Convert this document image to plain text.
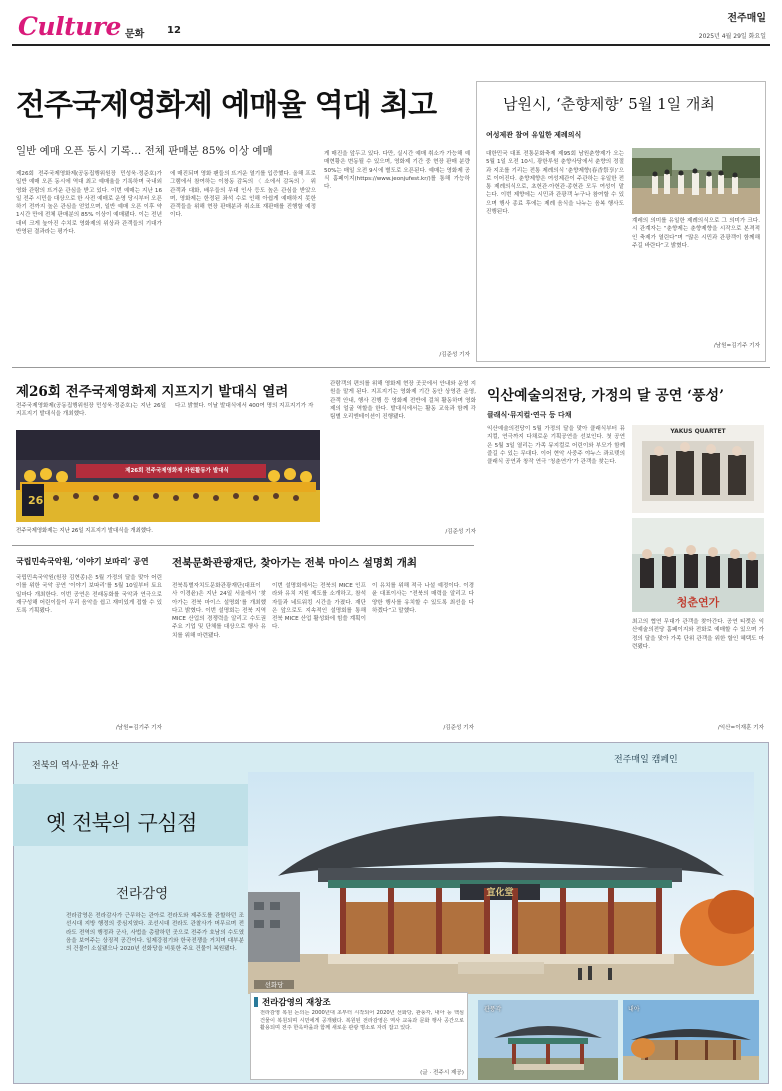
Culture 문화 12
전주매일
2025년 4월 29일 화요일
전주국제영화제 예매율 역대 최고
일반 예매 오픈 동시 기록… 전체 판매분 85% 이상 예매
제26회 전주국제영화제(공동집행위원장 민성욱·정준호)가 일반 예매 오픈 동시에 역대 최고 예매율을 기록하며 국내외 영화 관람의 뜨거운 관심을 받고 있다. 이번 예매는 지난 16일 전주 시민을 대상으로 한 사전 예매로 운영 당시부터 오픈하기 전까지 높은 관심을 얻었으며, 일반 예매 오픈 이후 약 1시간 만에 전체 판매분의 85% 이상이 예매됐다. 이는 전년 대비 크게 높아진 수치로 영화제의 위상과 관객들의 기대가 반영된 결과라는 평가다.
에 매진되며 영화 팬들의 뜨거운 열기를 입증했다. 올해 프로그램에서 참여하는 이창동 감독의 〈 소에서 감독의 〉 위 관객과 대화, 배우들의 무대 인사 등도 높은 관심을 받았으며, 영화제는 한정된 좌석 수로 인해 아쉽게 예매하지 못한 관객들을 위해 현장 판매분과 취소표 재판매를 진행할 예정이다.
게 매진을 앞두고 있다. 다만, 실시간 예매 취소가 가능해 예매현황은 변동될 수 있으며, 영화제 기간 중 현장 판매 분량 50%는 매일 오전 9시에 별도로 오픈된다. 예매는 영화제 공식 홈페이지(https://www.jeonjufest.kr/)를 통해 가능하다.
/김준성 기자
남원시, ‘춘향제향’ 5월 1일 개최
여성제관 참여 유일한 제례의식
대한민국 대표 전통문화축제 제95회 남원춘향제가 오는 5월 1일 오전 10시, 광한루원 춘향사당에서 춘향의 정절과 지조를 기리는 전통 제례의식 ‘춘향제향(春香祭享)’으로 이어진다. 춘향제향은 여성제관이 주관하는 유일한 전통 제례의식으로, 초헌관·아헌관·종헌관 모두 여성이 맡는다. 이번 제향에는 시민과 관광객 누구나 참여할 수 있으며 행사 종료 후에는 제례 음식을 나누는 음복 행사도 진행된다.
계레의 의미를 유일한 제례의식으로 그 의미가 크다. 시 관계자는 “춘향제는 춘향제향을 시작으로 본격적인 축제가 열린다”며 “많은 시민과 관광객이 함께해 주길 바란다”고 밝혔다.
/남원=김기주 기자
제26회 전주국제영화제 지프지기 발대식 열려
전주국제영화제(공동집행위원장 민성욱·정준호)는 지난 26일 지프지기 발대식을 개최했다.
다고 밝혔다. 이날 발대식에서 400여 명의 지프지기가 자
26
제26회 전주국제영화제 자원활동가 발대식
전주국제영화제는 지난 26일 지프지기 발대식을 개최했다.
관람객의 편의를 위해 영화제 현장 곳곳에서 안내와 운영 지원을 맡게 된다. 지프지기는 영화제 기간 동안 상영관 운영, 관객 안내, 행사 진행 등 영화제 전반에 걸쳐 활동하며 영화제의 얼굴 역할을 한다. 발대식에서는 활동 교육과 함께 각 팀별 오리엔테이션이 진행됐다.
/김준성 기자
익산예술의전당, 가정의 달 공연 ‘풍성’
클래식·뮤지컬·연극 등 다채
익산예술의전당이 5월 가정의 달을 맞아 클래식부터 뮤지컬, 연극까지 다채로운 기획공연을 선보인다. 첫 공연은 5월 3일 열리는 가족 뮤지컬로 어린이와 부모가 함께 즐길 수 있는 무대다. 이어 현악 사중주 야누스 콰르텟의 클래식 공연과 창작 연극 ‘청춘연가’가 관객을 찾는다.
YAKUS QUARTET
청춘연가
최고의 협연 무대가 관객을 찾아간다. 공연 티켓은 익산예술의전당 홈페이지와 전화로 예매할 수 있으며 가정의 달을 맞아 가족 단위 관객을 위한 할인 혜택도 마련됐다.
/익산=이재훈 기자
국립민속국악원, ‘이야기 보따리’ 공연
국립민속국악원(원장 김현종)은 5월 가정의 달을 맞아 어린이를 위한 국악 공연 ‘이야기 보따리’를 5월 10일부터 토요일마다 개최한다. 이번 공연은 전래동화를 국악과 연극으로 재구성해 어린이들이 우리 음악을 쉽고 재미있게 접할 수 있도록 기획됐다.
/남원=김기주 기자
전북문화관광재단, 찾아가는 전북 마이스 설명회 개최
전북특별자치도문화관광재단(대표이사 이경윤)은 지난 24일 서울에서 ‘찾아가는 전북 마이스 설명회’를 개최했다고 밝혔다. 이번 설명회는 전북 지역 MICE 산업의 경쟁력을 알리고 수도권 주요 기업 및 단체를 대상으로 행사 유치를 위해 마련됐다.
이번 설명회에서는 전북의 MICE 인프라와 유치 지원 제도를 소개하고, 참석자들과 네트워킹 시간을 가졌다. 재단은 앞으로도 지속적인 설명회를 통해 전북 MICE 산업 활성화에 힘쓸 계획이다.
이 유치를 위해 적극 나설 예정이다. 이경윤 대표이사는 “전북의 매력을 알리고 다양한 행사를 유치할 수 있도록 최선을 다하겠다”고 말했다.
/김준성 기자
전북의 역사·문화 유산
전주매일 캠페인
옛 전북의 구심점
전라감영
전라감영은 전라감사가 근무하는 관아로 전라도와 제주도를 관할하던 조선시대 지방 행정의 중심지였다. 조선시대 전라도 관찰사가 머무르며 전라도 전역의 행정과 군사, 사법을 총괄하던 곳으로 전주가 호남의 수도였음을 보여주는 상징적 공간이다. 일제강점기와 한국전쟁을 거치며 대부분의 건물이 소실됐으나 2020년 선화당을 비롯한 주요 건물이 복원됐다.
宣化堂
선화당
전라감영의 재창조
전라감영 복원 논의는 2000년대 초부터 시작되어 2020년 선화당, 관풍각, 내아 등 핵심 건물이 복원되며 시민에게 공개됐다. 복원된 전라감영은 역사 교육과 문화 행사 공간으로 활용되며 전주 한옥마을과 함께 새로운 관광 명소로 자리 잡고 있다.
(글 · 전주시 제공)
관풍각	내아
